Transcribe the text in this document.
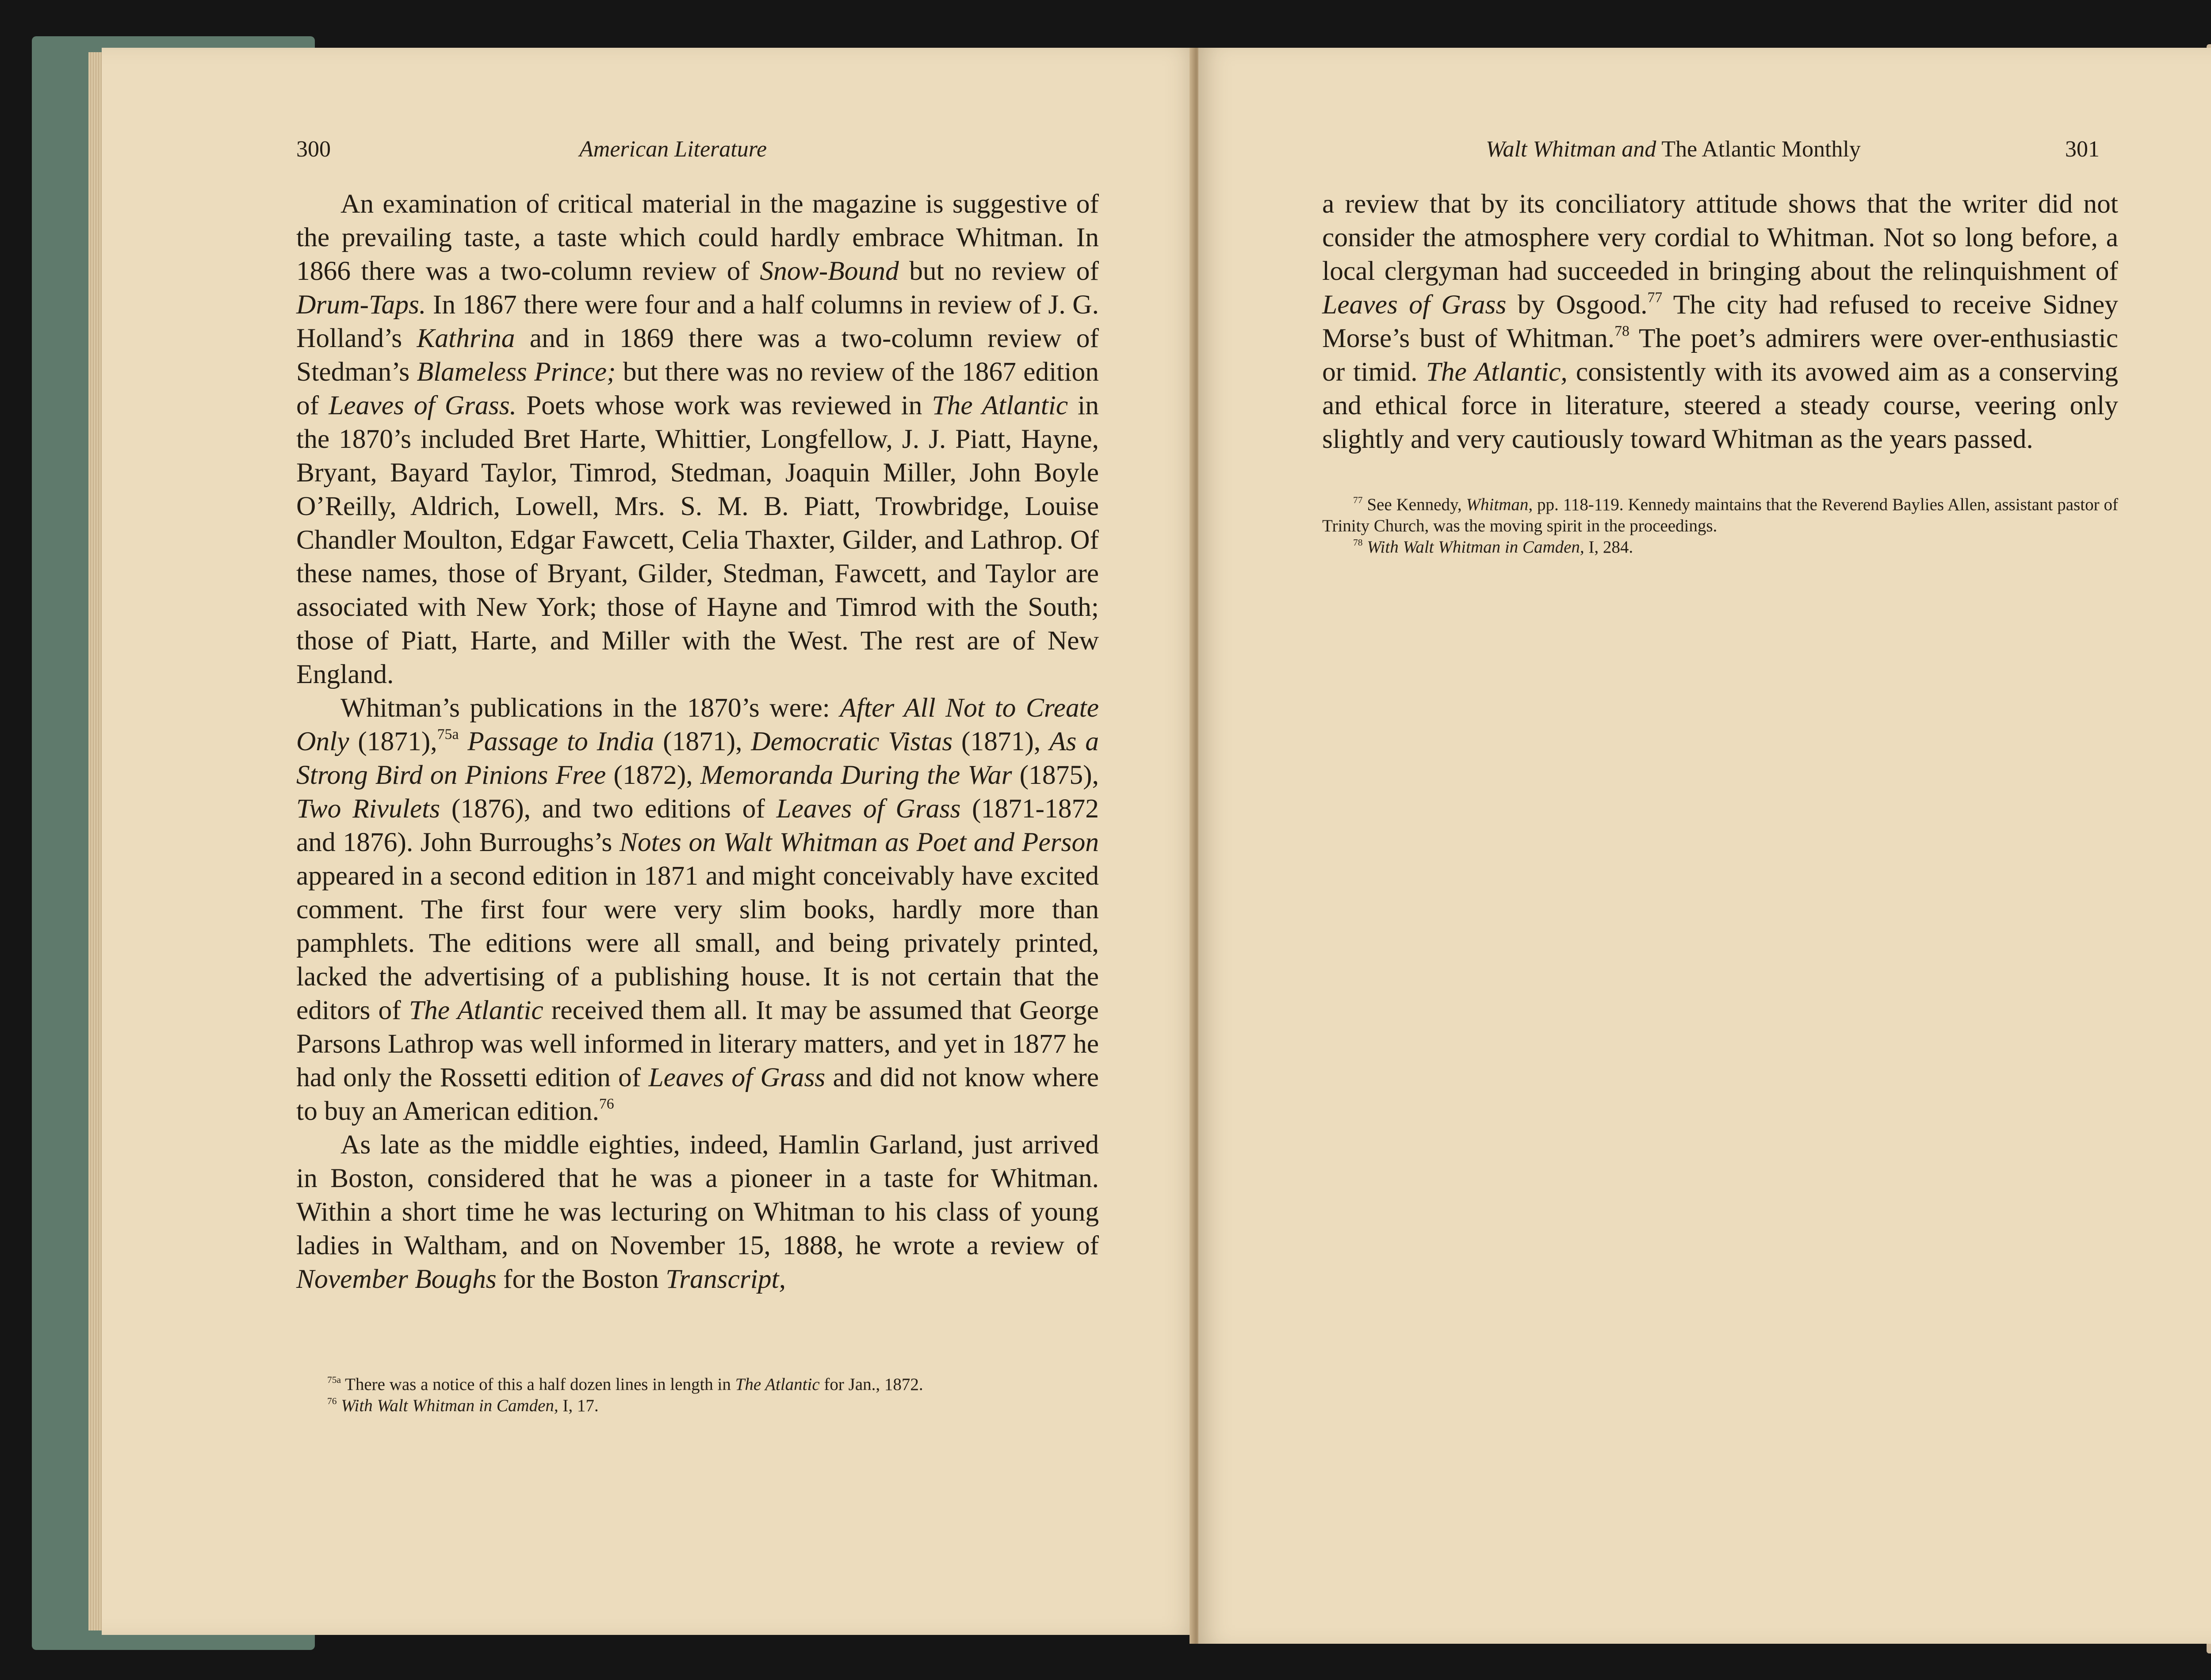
300	American Literature

An examination of critical material in the magazine is suggestive of the prevailing taste, a taste which could hardly embrace Whitman. In 1866 there was a two-column review of Snow-Bound but no review of Drum-Taps. In 1867 there were four and a half columns in review of J. G. Holland’s Kathrina and in 1869 there was a two-column review of Stedman’s Blameless Prince; but there was no review of the 1867 edition of Leaves of Grass. Poets whose work was reviewed in The Atlantic in the 1870’s included Bret Harte, Whittier, Longfellow, J. J. Piatt, Hayne, Bryant, Bayard Taylor, Timrod, Stedman, Joaquin Miller, John Boyle O’Reilly, Aldrich, Lowell, Mrs. S. M. B. Piatt, Trowbridge, Louise Chandler Moulton, Edgar Fawcett, Celia Thaxter, Gilder, and Lathrop. Of these names, those of Bryant, Gilder, Stedman, Fawcett, and Taylor are associated with New York; those of Hayne and Timrod with the South; those of Piatt, Harte, and Miller with the West. The rest are of New England.

Whitman’s publications in the 1870’s were: After All Not to Create Only (1871),$^{75a}$ Passage to India (1871), Democratic Vistas (1871), As a Strong Bird on Pinions Free (1872), Memoranda During the War (1875), Two Rivulets (1876), and two editions of Leaves of Grass (1871-1872 and 1876). John Burroughs’s Notes on Walt Whitman as Poet and Person appeared in a second edition in 1871 and might conceivably have excited comment. The first four were very slim books, hardly more than pamphlets. The editions were all small, and being privately printed, lacked the advertising of a publishing house. It is not certain that the editors of The Atlantic received them all. It may be assumed that George Parsons Lathrop was well informed in literary matters, and yet in 1877 he had only the Rossetti edition of Leaves of Grass and did not know where to buy an American edition.$^{76}$

As late as the middle eighties, indeed, Hamlin Garland, just arrived in Boston, considered that he was a pioneer in a taste for Whitman. Within a short time he was lecturing on Whitman to his class of young ladies in Waltham, and on November 15, 1888, he wrote a review of November Boughs for the Boston Transcript,

$^{75a}$ There was a notice of this a half dozen lines in length in The Atlantic for Jan., 1872.

$^{76}$ With Walt Whitman in Camden, I, 17.

Walt Whitman and The Atlantic Monthly	301

a review that by its conciliatory attitude shows that the writer did not consider the atmosphere very cordial to Whitman. Not so long before, a local clergyman had succeeded in bringing about the relinquishment of Leaves of Grass by Osgood.$^{77}$ The city had refused to receive Sidney Morse’s bust of Whitman.$^{78}$ The poet’s admirers were over-enthusiastic or timid. The Atlantic, consistently with its avowed aim as a conserving and ethical force in literature, steered a steady course, veering only slightly and very cautiously toward Whitman as the years passed.

$^{77}$ See Kennedy, Whitman, pp. 118-119. Kennedy maintains that the Reverend Baylies Allen, assistant pastor of Trinity Church, was the moving spirit in the proceedings.

$^{78}$ With Walt Whitman in Camden, I, 284.
